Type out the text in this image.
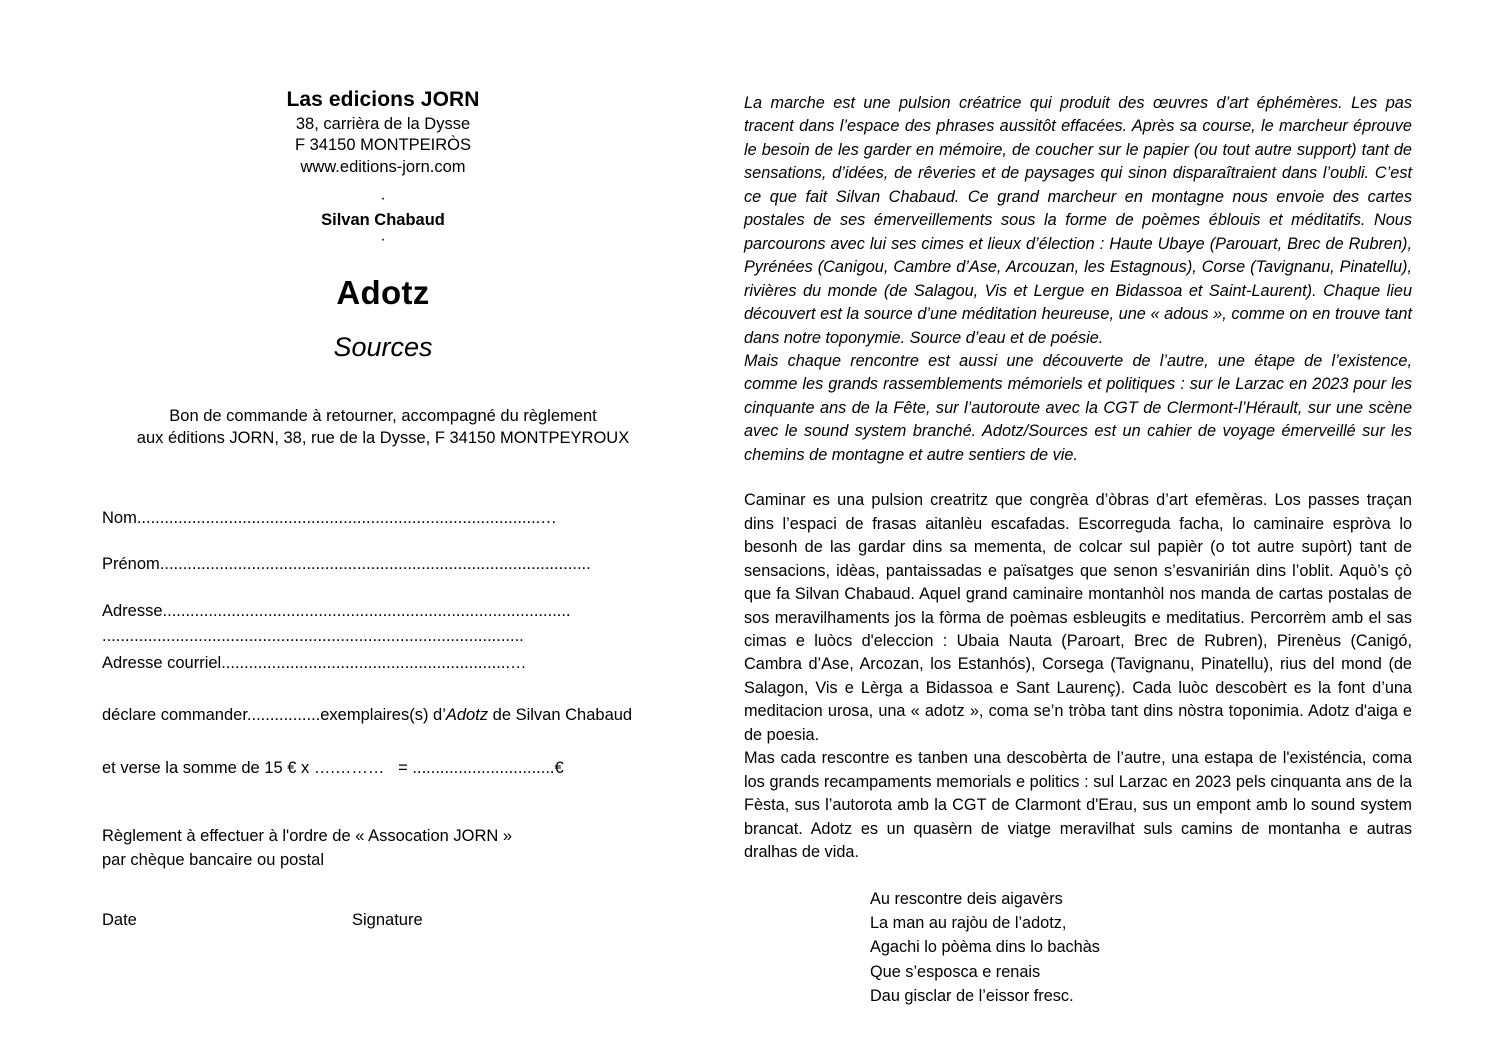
Las edicions JORN
38, carrièra de la Dysse
F 34150 MONTPEIRÒS
www.editions-jorn.com
·
Silvan Chabaud
·
Adotz
Sources
Bon de commande à retourner, accompagné du règlement
aux éditions JORN, 38, rue de la Dysse, F 34150 MONTPEYROUX
Nom........................................................................................…
Prénom..............................................................................................
Adresse.........................................................................................
............................................................................................
Adresse courriel...............................................................…
déclare commander................exemplaires(s) d’Adotz de Silvan Chabaud
et verse la somme de 15 € x ….………   = ...............................€
Règlement à effectuer à l'ordre de « Assocation JORN »
par chèque bancaire ou postal
Date	Signature

La marche est une pulsion créatrice qui produit des œuvres d’art éphémères. Les pas tracent dans l’espace des phrases aussitôt effacées. Après sa course, le marcheur éprouve le besoin de les garder en mémoire, de coucher sur le papier (ou tout autre support) tant de sensations, d’idées, de rêveries et de paysages qui sinon disparaîtraient dans l’oubli. C’est ce que fait Silvan Chabaud. Ce grand marcheur en montagne nous envoie des cartes postales de ses émerveillements sous la forme de poèmes éblouis et méditatifs. Nous parcourons avec lui ses cimes et lieux d’élection : Haute Ubaye (Parouart, Brec de Rubren), Pyrénées (Canigou, Cambre d’Ase, Arcouzan, les Estagnous), Corse (Tavignanu, Pinatellu), rivières du monde (de Salagou, Vis et Lergue en Bidassoa et Saint-Laurent). Chaque lieu découvert est la source d’une méditation heureuse, une « adous », comme on en trouve tant dans notre toponymie. Source d’eau et de poésie.

Mais chaque rencontre est aussi une découverte de l’autre, une étape de l’existence, comme les grands rassemblements mémoriels et politiques : sur le Larzac en 2023 pour les cinquante ans de la Fête, sur l’autoroute avec la CGT de Clermont-l’Hérault, sur une scène avec le sound system branché. Adotz/Sources est un cahier de voyage émerveillé sur les chemins de montagne et autre sentiers de vie.

Caminar es una pulsion creatritz que congrèa d’òbras d’art efemèras. Los passes traçan dins l’espaci de frasas aitanlèu escafadas. Escorreguda facha, lo caminaire espròva lo besonh de las gardar dins sa mementa, de colcar sul papièr (o tot autre supòrt) tant de sensacions, idèas, pantaissadas e païsatges que senon s’esvanirián dins l’oblit. Aquò’s çò que fa Silvan Chabaud. Aquel grand caminaire montanhòl nos manda de cartas postalas de sos meravilhaments jos la fòrma de poèmas esbleugits e meditatius. Percorrèm amb el sas cimas e luòcs d'eleccion : Ubaia Nauta (Paroart, Brec de Rubren), Pirenèus (Canigó, Cambra d’Ase, Arcozan, los Estanhós), Corsega (Tavignanu, Pinatellu), rius del mond (de Salagon, Vis e Lèrga a Bidassoa e Sant Laurenç). Cada luòc descobèrt es la font d’una meditacion urosa, una « adotz », coma se’n tròba tant dins nòstra toponimia. Adotz d'aiga e de poesia.

Mas cada rescontre es tanben una descobèrta de l’autre, una estapa de l'existéncia, coma los grands recampaments memorials e politics : sul Larzac en 2023 pels cinquanta ans de la Fèsta, sus l’autorota amb la CGT de Clarmont d'Erau, sus un empont amb lo sound system brancat. Adotz es un quasèrn de viatge meravilhat suls camins de montanha e autras dralhas de vida.

Au rescontre deis aigavèrs
La man au rajòu de l’adotz,
Agachi lo pòèma dins lo bachàs
Que s’esposca e renais
Dau gisclar de l’eissor fresc.
